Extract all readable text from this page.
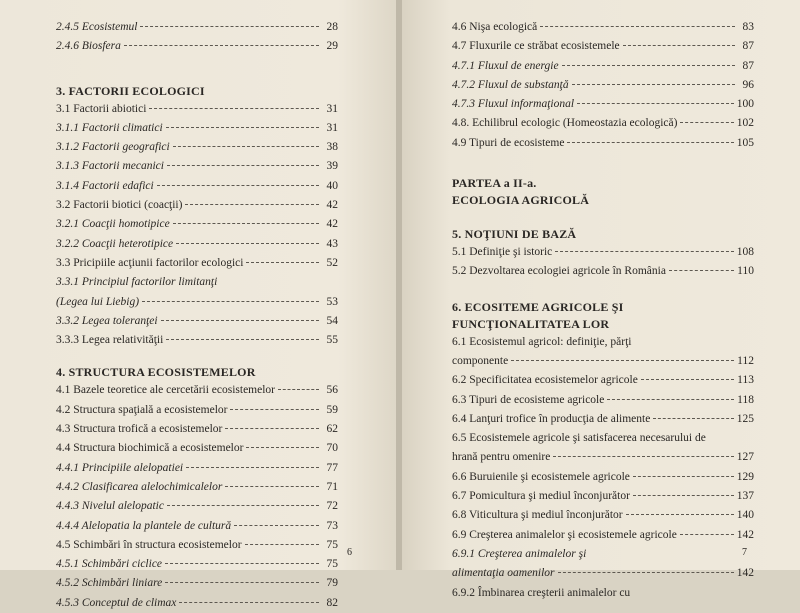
2.4.5 Ecosistemul	28
2.4.6 Biosfera	29
3. FACTORII ECOLOGICI
3.1 Factorii abiotici	31
3.1.1 Factorii climatici	31
3.1.2 Factorii geografici	38
3.1.3 Factorii mecanici	39
3.1.4 Factorii edafici	40
3.2 Factorii biotici (coacţii)	42
3.2.1 Coacţii homotipice	42
3.2.2 Coacţii heterotipice	43
3.3 Pricipiile acţiunii factorilor ecologici	52
3.3.1 Principiul factorilor limitanţi
(Legea lui Liebig)	53
3.3.2 Legea toleranţei	54
3.3.3 Legea relativităţii	55
4. STRUCTURA ECOSISTEMELOR
4.1 Bazele teoretice ale cercetării ecosistemelor	56
4.2 Structura spaţială a ecosistemelor	59
4.3 Structura trofică a ecosistemelor	62
4.4 Structura biochimică a ecosistemelor	70
4.4.1 Principiile alelopatiei	77
4.4.2 Clasificarea alelochimicalelor	71
4.4.3 Nivelul alelopatic	72
4.4.4 Alelopatia la plantele de cultură	73
4.5 Schimbări în structura ecosistemelor	75
4.5.1 Schimbări ciclice	75
4.5.2 Schimbări liniare	79
4.5.3 Conceptul de climax	82
6
4.6 Nişa ecologică	83
4.7 Fluxurile ce străbat ecosistemele	87
4.7.1 Fluxul de energie	87
4.7.2 Fluxul de substanţă	96
4.7.3 Fluxul informaţional	100
4.8. Echilibrul ecologic (Homeostazia ecologică)	102
4.9 Tipuri de ecosisteme	105
PARTEA a II-a.
ECOLOGIA AGRICOLĂ
5. NOŢIUNI DE BAZĂ
5.1 Definiţie şi istoric	108
5.2 Dezvoltarea ecologiei agricole în România	110
6. ECOSITEME AGRICOLE ŞI
FUNCŢIONALITATEA LOR
6.1 Ecosistemul agricol: definiţie, părţi
componente	112
6.2 Specificitatea ecosistemelor agricole	113
6.3 Tipuri de ecosisteme agricole	118
6.4 Lanţuri trofice în producţia de alimente	125
6.5 Ecosistemele agricole şi satisfacerea necesarului de
hrană pentru omenire	127
6.6 Buruienile şi ecosistemele agricole	129
6.7 Pomicultura şi mediul înconjurător	137
6.8 Viticultura şi mediul înconjurător	140
6.9 Creşterea animalelor şi ecosistemele agricole	142
6.9.1 Creşterea animalelor şi
alimentaţia oamenilor	142
6.9.2 Îmbinarea creşterii animalelor cu
7
